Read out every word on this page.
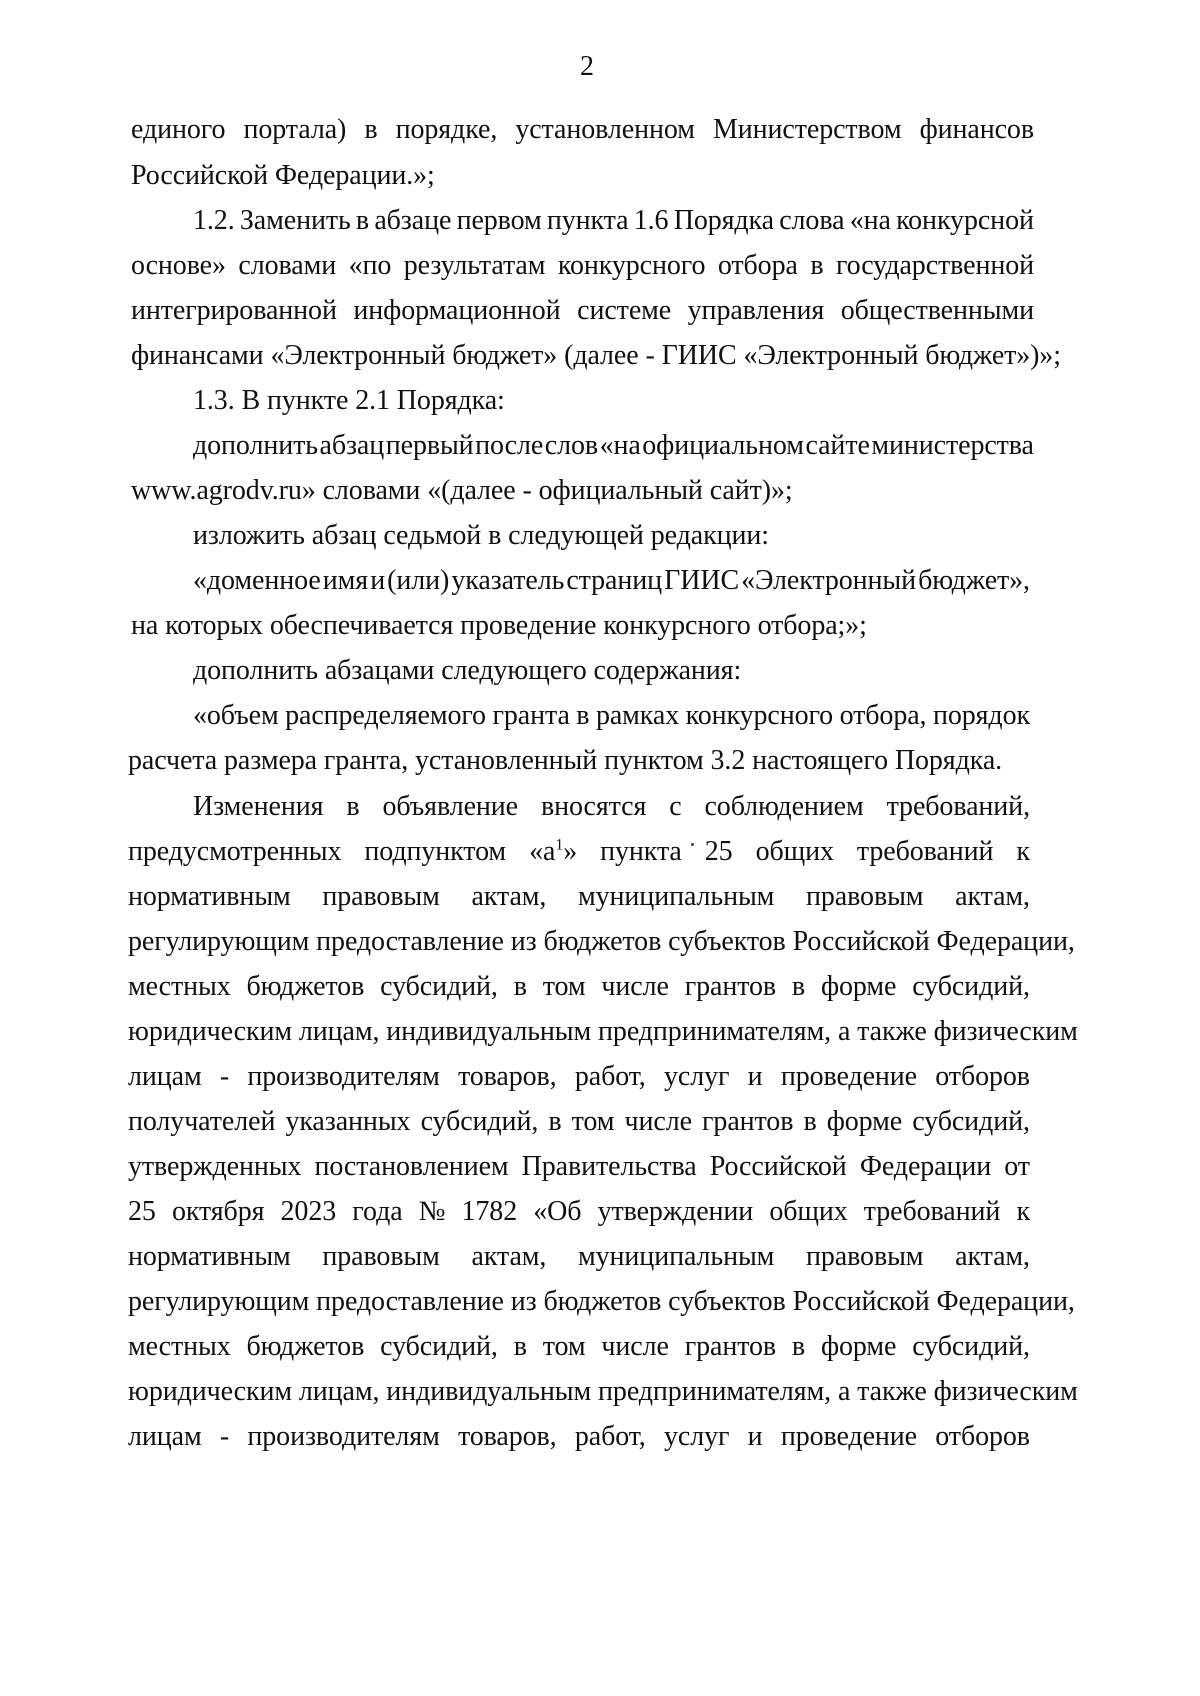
2
единого портала) в порядке, установленном Министерством финансов
Российской Федерации.»;
1.2. Заменить в абзаце первом пункта 1.6 Порядка слова «на конкурсной
основе» словами «по результатам конкурсного отбора в государственной
интегрированной информационной системе управления общественными
финансами «Электронный бюджет» (далее - ГИИС «Электронный бюджет»)»;
1.3. В пункте 2.1 Порядка:
дополнить абзац первый после слов «на официальном сайте министерства
www.agrodv.ru» словами «(далее - официальный сайт)»;
изложить абзац седьмой в следующей редакции:
«доменное имя и (или) указатель страниц ГИИС «Электронный бюджет»,
на которых обеспечивается проведение конкурсного отбора;»;
дополнить абзацами следующего содержания:
«объем распределяемого гранта в рамках конкурсного отбора, порядок
расчета размера гранта, установленный пунктом 3.2 настоящего Порядка.
Изменения в объявление вносятся с соблюдением требований,
предусмотренных подпунктом «$а^1$» пункта 25 общих требований к
нормативным правовым актам, муниципальным правовым актам,
регулирующим предоставление из бюджетов субъектов Российской Федерации,
местных бюджетов субсидий, в том числе грантов в форме субсидий,
юридическим лицам, индивидуальным предпринимателям, а также физическим
лицам - производителям товаров, работ, услуг и проведение отборов
получателей указанных субсидий, в том числе грантов в форме субсидий,
утвержденных постановлением Правительства Российской Федерации от
25 октября 2023 года № 1782 «Об утверждении общих требований к
нормативным правовым актам, муниципальным правовым актам,
регулирующим предоставление из бюджетов субъектов Российской Федерации,
местных бюджетов субсидий, в том числе грантов в форме субсидий,
юридическим лицам, индивидуальным предпринимателям, а также физическим
лицам - производителям товаров, работ, услуг и проведение отборов
